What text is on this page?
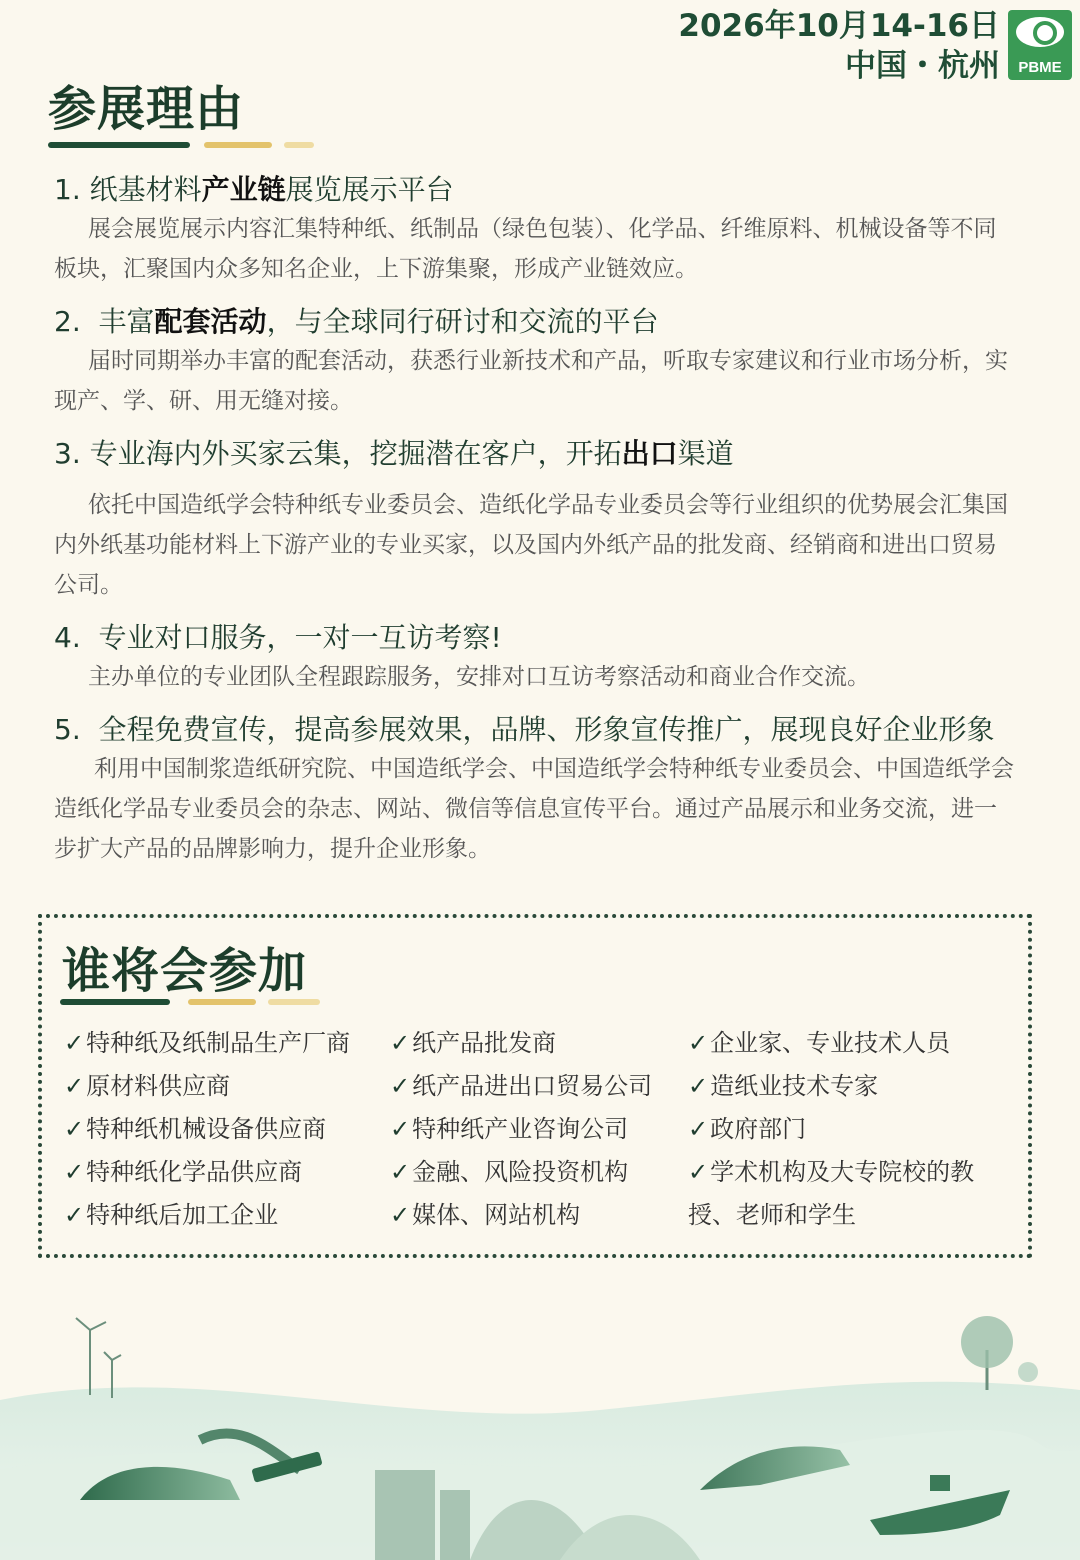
2026年10月14-16日
中国・杭州	PBME
参展理由
1. 纸基材料产业链展览展示平台
展会展览展示内容汇集特种纸、纸制品（绿色包装）、化学品、纤维原料、机械设备等不同板块，汇聚国内众多知名企业，上下游集聚，形成产业链效应。
2. 丰富配套活动，与全球同行研讨和交流的平台
届时同期举办丰富的配套活动，获悉行业新技术和产品，听取专家建议和行业市场分析，实现产、学、研、用无缝对接。
3. 专业海内外买家云集，挖掘潜在客户，开拓出口渠道
依托中国造纸学会特种纸专业委员会、造纸化学品专业委员会等行业组织的优势展会汇集国内外纸基功能材料上下游产业的专业买家，以及国内外纸产品的批发商、经销商和进出口贸易公司。
4. 专业对口服务，一对一互访考察!
主办单位的专业团队全程跟踪服务，安排对口互访考察活动和商业合作交流。
5. 全程免费宣传，提高参展效果，品牌、形象宣传推广，展现良好企业形象
利用中国制浆造纸研究院、中国造纸学会、中国造纸学会特种纸专业委员会、中国造纸学会造纸化学品专业委员会的杂志、网站、微信等信息宣传平台。通过产品展示和业务交流，进一步扩大产品的品牌影响力，提升企业形象。
谁将会参加
✓特种纸及纸制品生产厂商
✓原材料供应商
✓特种纸机械设备供应商
✓特种纸化学品供应商
✓特种纸后加工企业
✓纸产品批发商
✓纸产品进出口贸易公司
✓特种纸产业咨询公司
✓金融、风险投资机构
✓媒体、网站机构
✓企业家、专业技术人员
✓造纸业技术专家
✓政府部门
✓学术机构及大专院校的教
授、老师和学生
